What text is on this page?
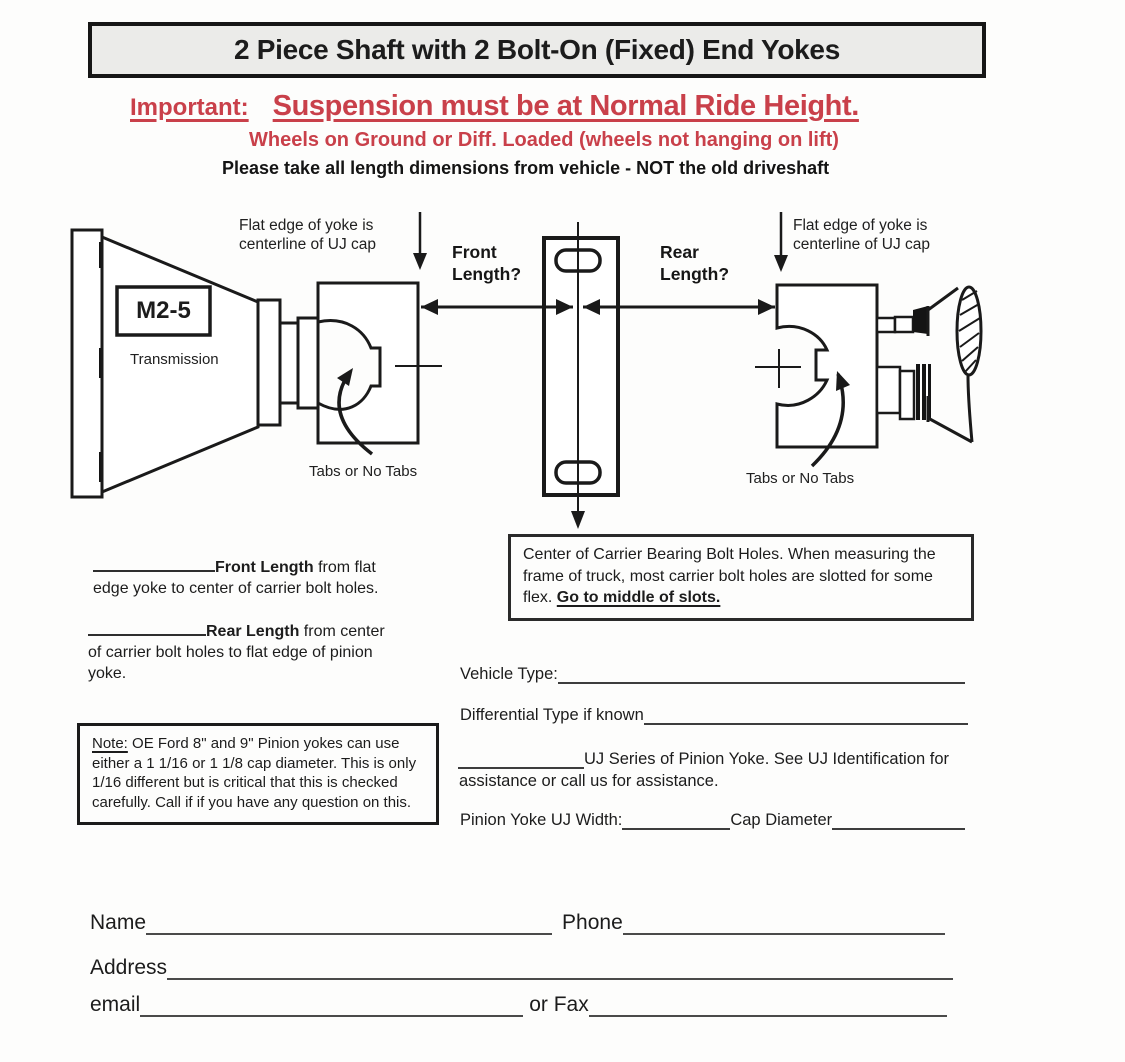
2 Piece Shaft with 2 Bolt-On (Fixed) End Yokes
Important: Suspension must be at Normal Ride Height.
Wheels on Ground or Diff. Loaded (wheels not hanging on lift)
Please take all length dimensions from vehicle - NOT the old driveshaft
Flat edge of yoke is
centerline of UJ cap	Front
Length?
Rear
Length?
Flat edge of yoke is
centerline of UJ cap
M2-5
Transmission
Tabs or No Tabs	Tabs or No Tabs
Center of Carrier Bearing Bolt Holes. When measuring the frame of truck, most carrier bolt holes are slotted for some flex. Go to middle of slots.
Front Length from flat
edge yoke to center of carrier bolt holes.
Rear Length from center
of carrier bolt holes to flat edge of pinion
yoke.
Note: OE Ford 8" and 9" Pinion yokes can use either a 1 1/16 or 1 1/8 cap diameter. This is only 1/16 different but is critical that this is checked carefully. Call if if you have any question on this.
Vehicle Type:
Differential Type if known
UJ Series of Pinion Yoke. See UJ Identification for
assistance or call us for assistance.
Pinion Yoke UJ Width:	Cap Diameter
Name	Phone
Address
email	or Fax
